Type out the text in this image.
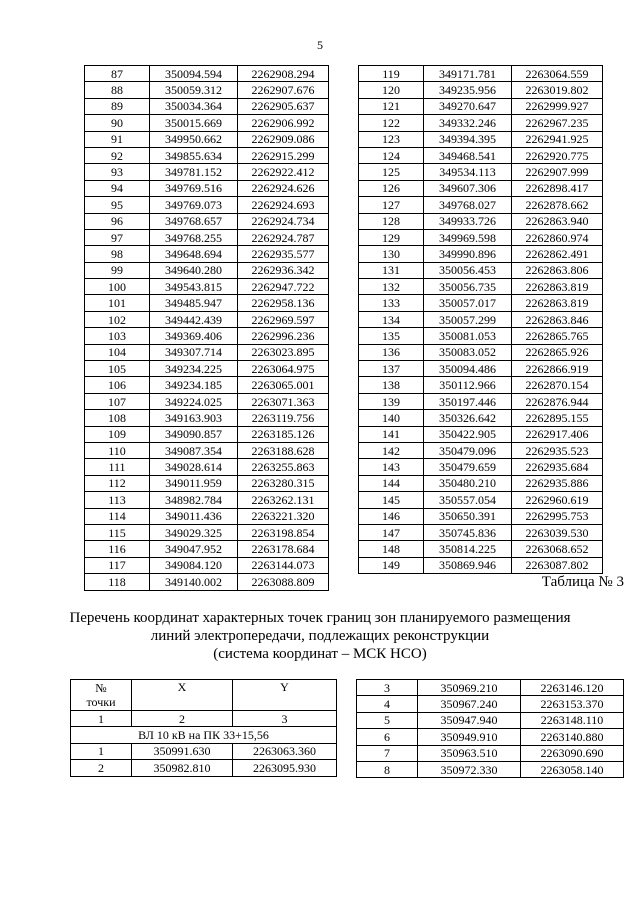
5
87	350094.594	2262908.294
88	350059.312	2262907.676
89	350034.364	2262905.637
90	350015.669	2262906.992
91	349950.662	2262909.086
92	349855.634	2262915.299
93	349781.152	2262922.412
94	349769.516	2262924.626
95	349769.073	2262924.693
96	349768.657	2262924.734
97	349768.255	2262924.787
98	349648.694	2262935.577
99	349640.280	2262936.342
100	349543.815	2262947.722
101	349485.947	2262958.136
102	349442.439	2262969.597
103	349369.406	2262996.236
104	349307.714	2263023.895
105	349234.225	2263064.975
106	349234.185	2263065.001
107	349224.025	2263071.363
108	349163.903	2263119.756
109	349090.857	2263185.126
110	349087.354	2263188.628
111	349028.614	2263255.863
112	349011.959	2263280.315
113	348982.784	2263262.131
114	349011.436	2263221.320
115	349029.325	2263198.854
116	349047.952	2263178.684
117	349084.120	2263144.073
118	349140.002	2263088.809
119	349171.781	2263064.559
120	349235.956	2263019.802
121	349270.647	2262999.927
122	349332.246	2262967.235
123	349394.395	2262941.925
124	349468.541	2262920.775
125	349534.113	2262907.999
126	349607.306	2262898.417
127	349768.027	2262878.662
128	349933.726	2262863.940
129	349969.598	2262860.974
130	349990.896	2262862.491
131	350056.453	2262863.806
132	350056.735	2262863.819
133	350057.017	2262863.819
134	350057.299	2262863.846
135	350081.053	2262865.765
136	350083.052	2262865.926
137	350094.486	2262866.919
138	350112.966	2262870.154
139	350197.446	2262876.944
140	350326.642	2262895.155
141	350422.905	2262917.406
142	350479.096	2262935.523
143	350479.659	2262935.684
144	350480.210	2262935.886
145	350557.054	2262960.619
146	350650.391	2262995.753
147	350745.836	2263039.530
148	350814.225	2263068.652
149	350869.946	2263087.802
Таблица № 3
Перечень координат характерных точек границ зон планируемого размещения
линий электропередачи, подлежащих реконструкции
(система координат – МСК НСО)
№
точки	X	Y
1	2	3
ВЛ 10 кВ на ПК 33+15,56		
1	350991.630	2263063.360
2	350982.810	2263095.930
3	350969.210	2263146.120
4	350967.240	2263153.370
5	350947.940	2263148.110
6	350949.910	2263140.880
7	350963.510	2263090.690
8	350972.330	2263058.140
